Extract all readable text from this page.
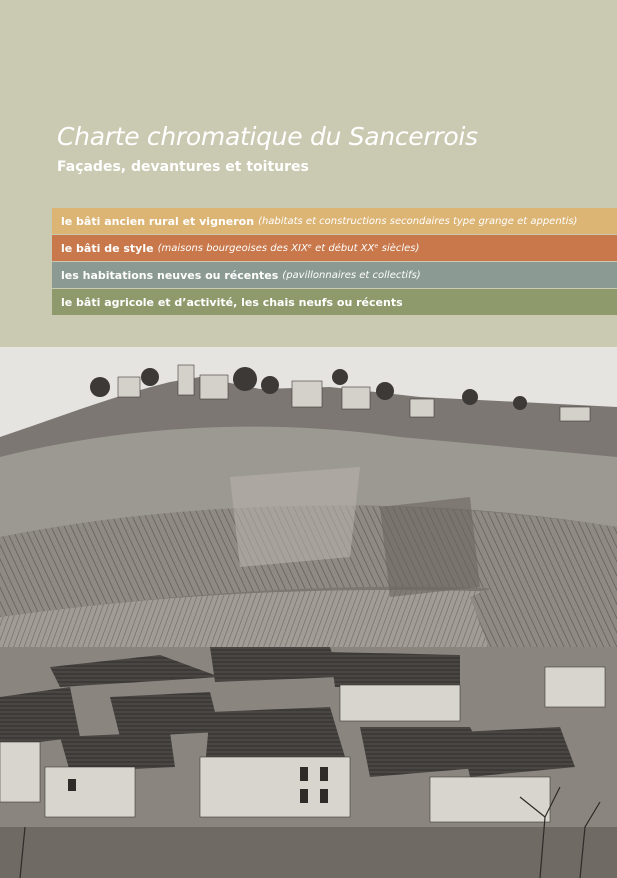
Charte chromatique du Sancerrois
Façades, devantures et toitures
le bâti ancien rural et vigneron (habitats et constructions secondaires type grange et appentis)
le bâti de style (maisons bourgeoises des XIXᵉ et début XXᵉ siècles)
les habitations neuves ou récentes (pavillonnaires et collectifs)
le bâti agricole et d’activité, les chais neufs ou récents
